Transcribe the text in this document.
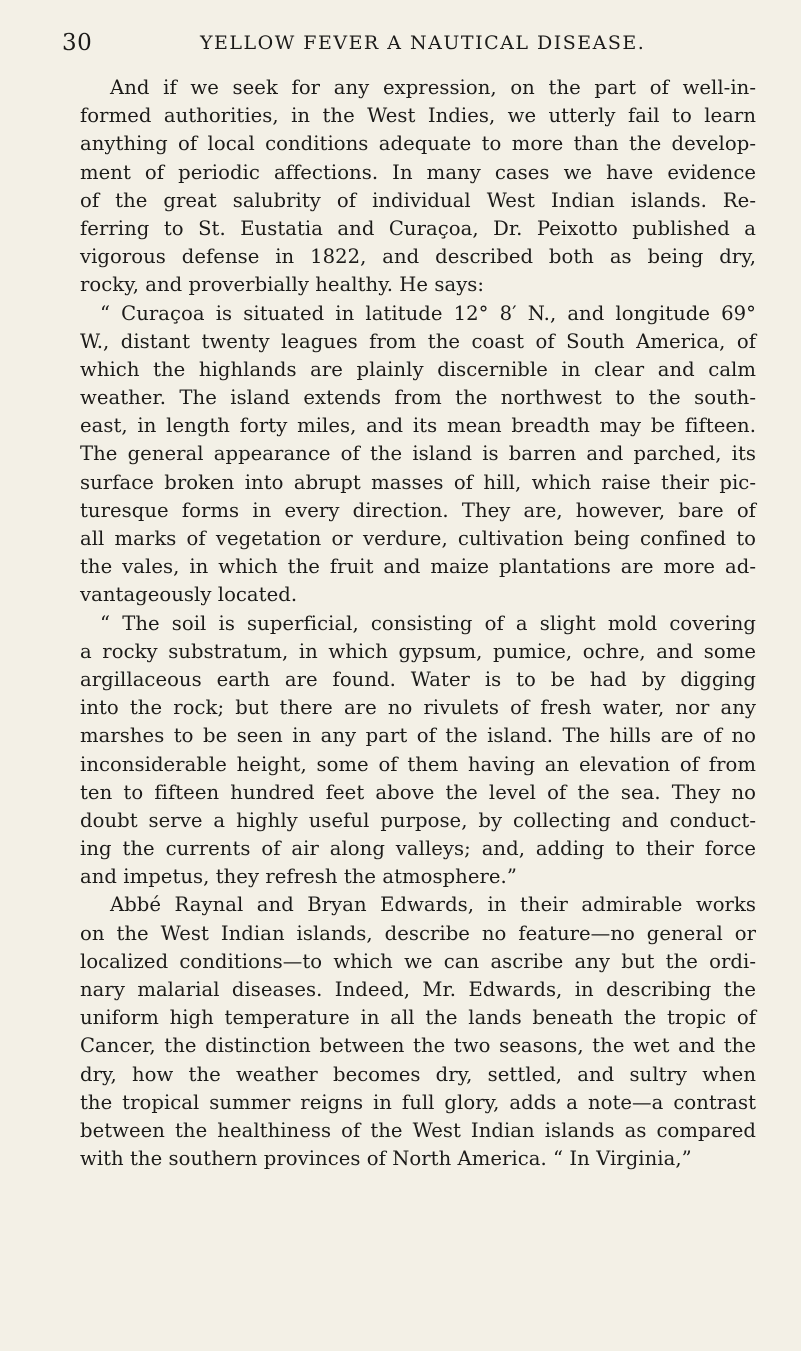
30	YELLOW FEVER A NAUTICAL DISEASE.
And if we seek for any expression, on the part of well-in-
formed authorities, in the West Indies, we utterly fail to learn
anything of local conditions adequate to more than the develop-
ment of periodic affections. In many cases we have evidence
of the great salubrity of individual West Indian islands. Re-
ferring to St. Eustatia and Curaçoa, Dr. Peixotto published a
vigorous defense in 1822, and described both as being dry,
rocky, and proverbially healthy. He says:
“ Curaçoa is situated in latitude 12° 8′ N., and longitude 69°
W., distant twenty leagues from the coast of South America, of
which the highlands are plainly discernible in clear and calm
weather. The island extends from the northwest to the south-
east, in length forty miles, and its mean breadth may be fifteen.
The general appearance of the island is barren and parched, its
surface broken into abrupt masses of hill, which raise their pic-
turesque forms in every direction. They are, however, bare of
all marks of vegetation or verdure, cultivation being confined to
the vales, in which the fruit and maize plantations are more ad-
vantageously located.
“ The soil is superficial, consisting of a slight mold covering
a rocky substratum, in which gypsum, pumice, ochre, and some
argillaceous earth are found. Water is to be had by digging
into the rock; but there are no rivulets of fresh water, nor any
marshes to be seen in any part of the island. The hills are of no
inconsiderable height, some of them having an elevation of from
ten to fifteen hundred feet above the level of the sea. They no
doubt serve a highly useful purpose, by collecting and conduct-
ing the currents of air along valleys; and, adding to their force
and impetus, they refresh the atmosphere.”
Abbé Raynal and Bryan Edwards, in their admirable works
on the West Indian islands, describe no feature—no general or
localized conditions—to which we can ascribe any but the ordi-
nary malarial diseases. Indeed, Mr. Edwards, in describing the
uniform high temperature in all the lands beneath the tropic of
Cancer, the distinction between the two seasons, the wet and the
dry, how the weather becomes dry, settled, and sultry when
the tropical summer reigns in full glory, adds a note—a contrast
between the healthiness of the West Indian islands as compared
with the southern provinces of North America. “ In Virginia,”
